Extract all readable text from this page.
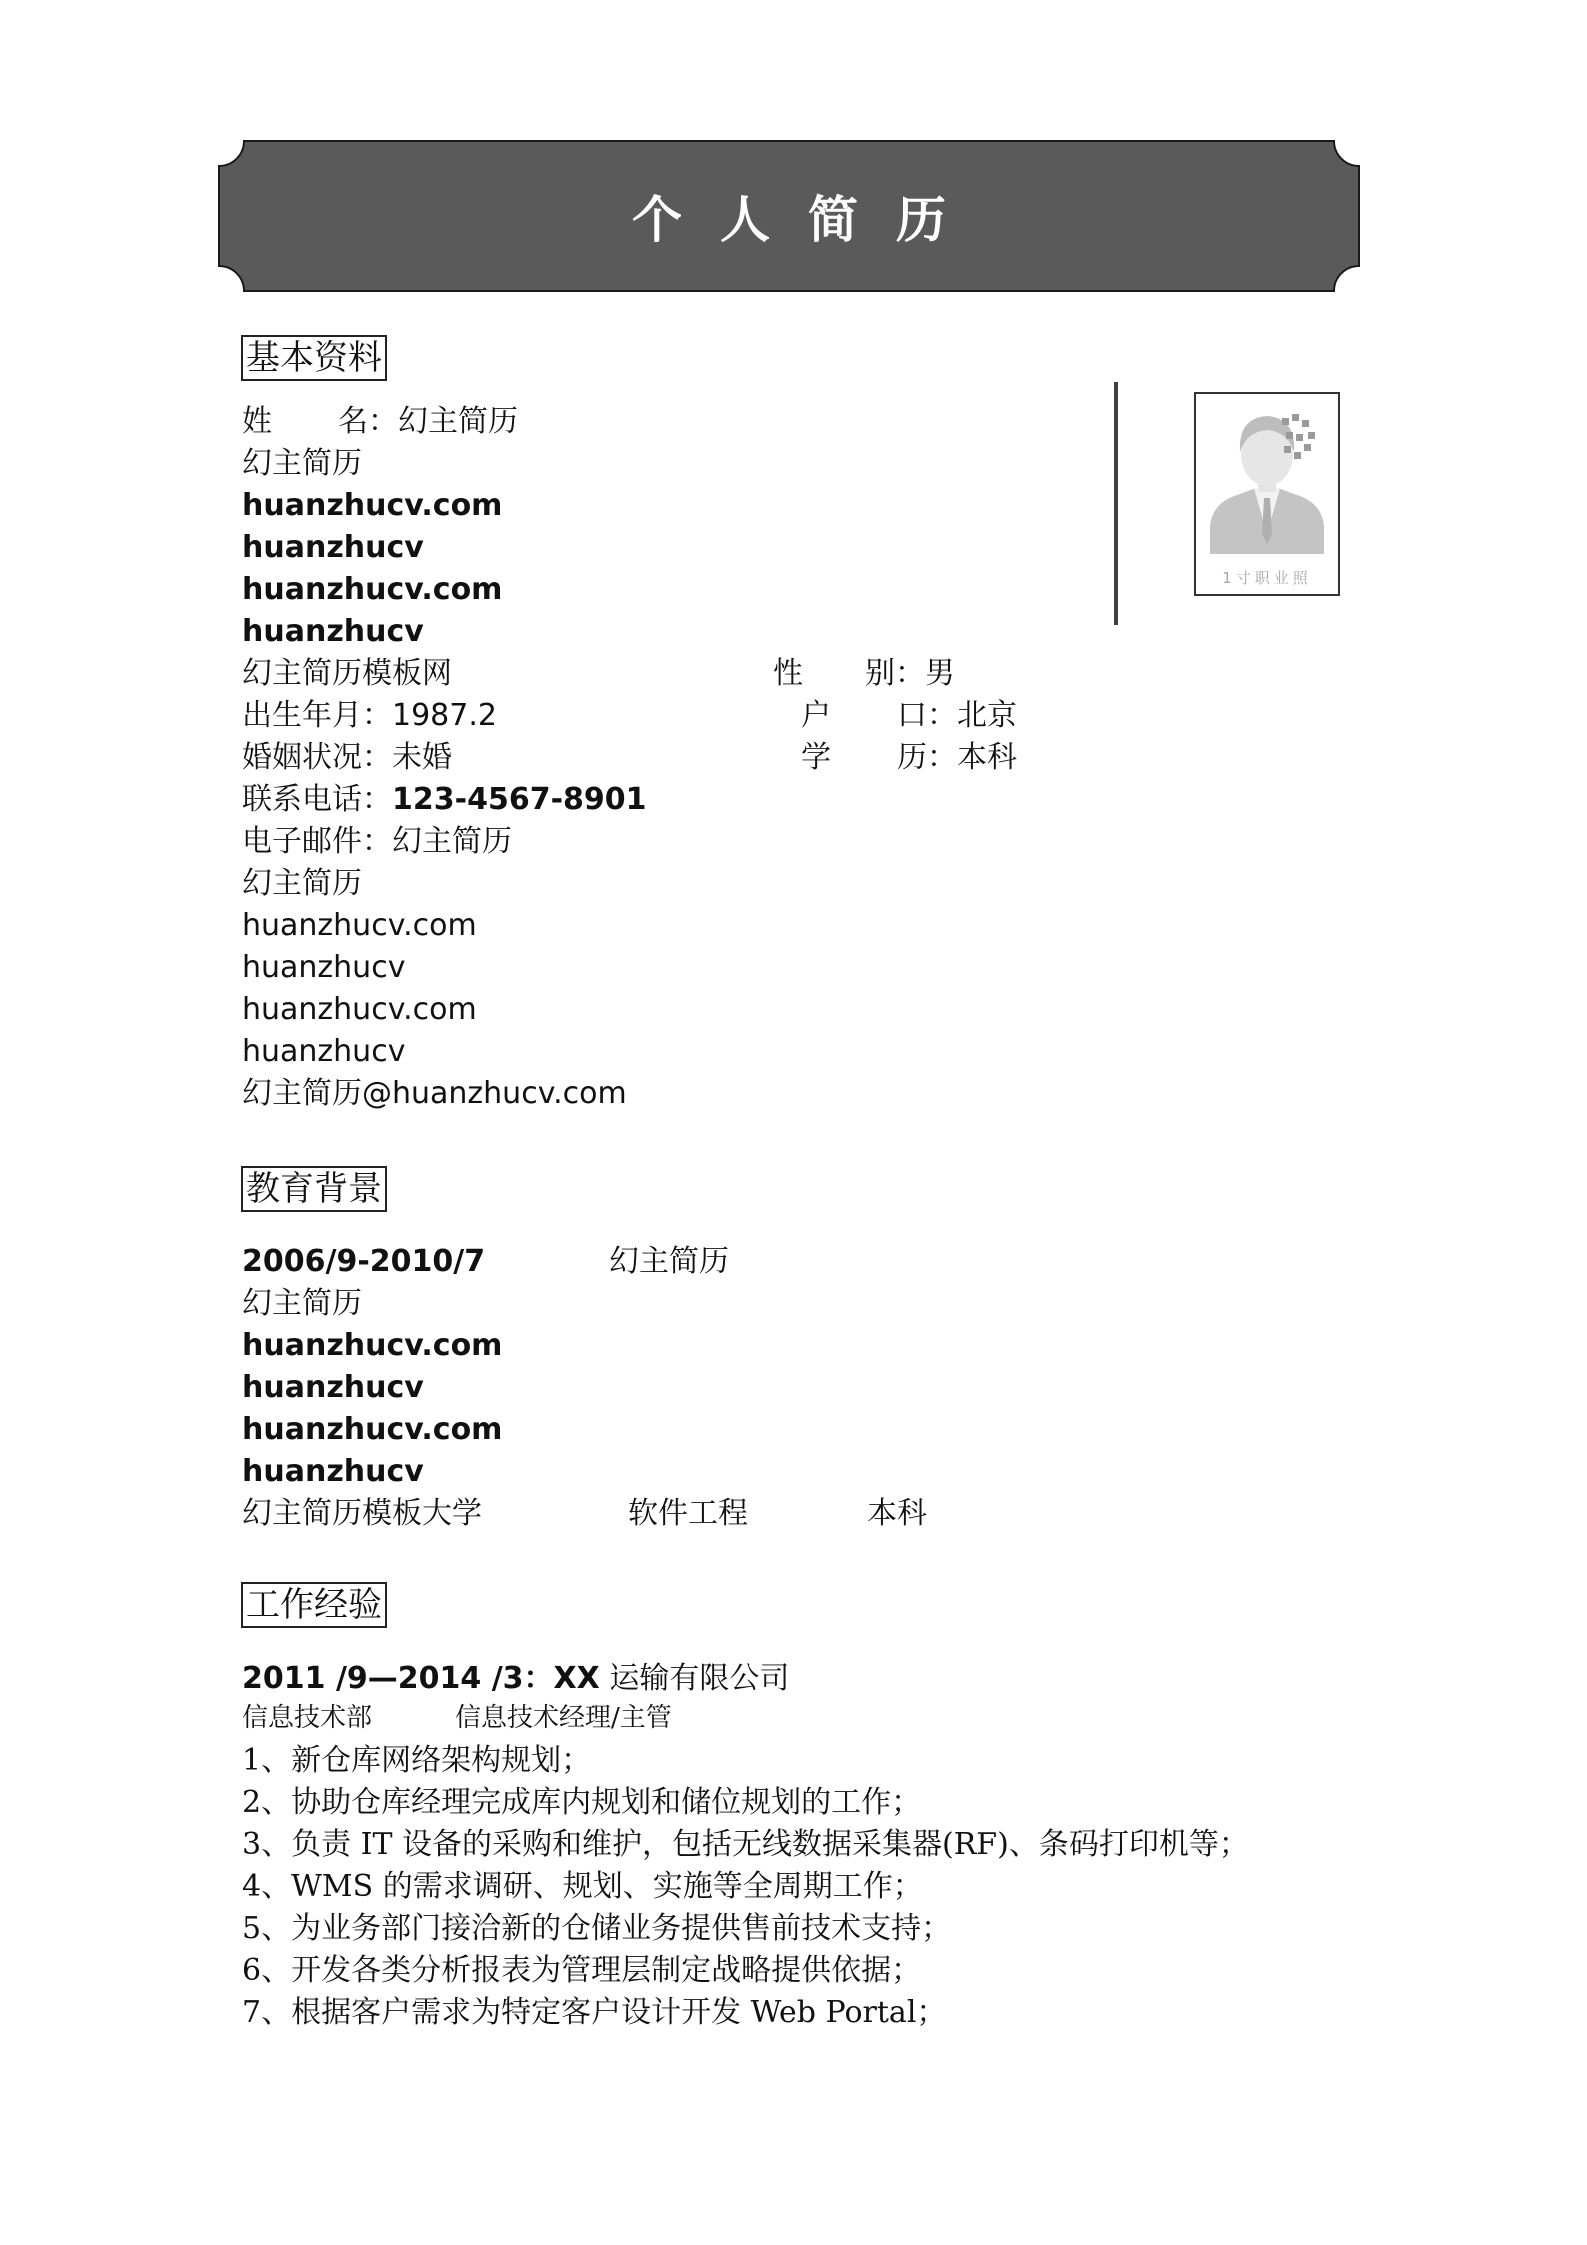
个人简历
基本资料
姓 名：幻主简历
幻主简历
huanzhucv.com
huanzhucv
huanzhucv.com
huanzhucv
幻主简历模板网	性 别：男
出生年月：1987.2	户 口：北京
婚姻状况：未婚	学 历：本科
联系电话：123-4567-8901
电子邮件：幻主简历
幻主简历
huanzhucv.com
huanzhucv
huanzhucv.com
huanzhucv
幻主简历@huanzhucv.com
1寸职业照
教育背景
2006/9-2010/7	幻主简历
幻主简历
huanzhucv.com
huanzhucv
huanzhucv.com
huanzhucv
幻主简历模板大学	软件工程	本科
工作经验
2011 /9—2014 /3：XX 运输有限公司
信息技术部	信息技术经理/主管
1、新仓库网络架构规划；
2、协助仓库经理完成库内规划和储位规划的工作；
3、负责 IT 设备的采购和维护，包括无线数据采集器(RF)、条码打印机等；
4、WMS 的需求调研、规划、实施等全周期工作；
5、为业务部门接洽新的仓储业务提供售前技术支持；
6、开发各类分析报表为管理层制定战略提供依据；
7、根据客户需求为特定客户设计开发 Web Portal；
